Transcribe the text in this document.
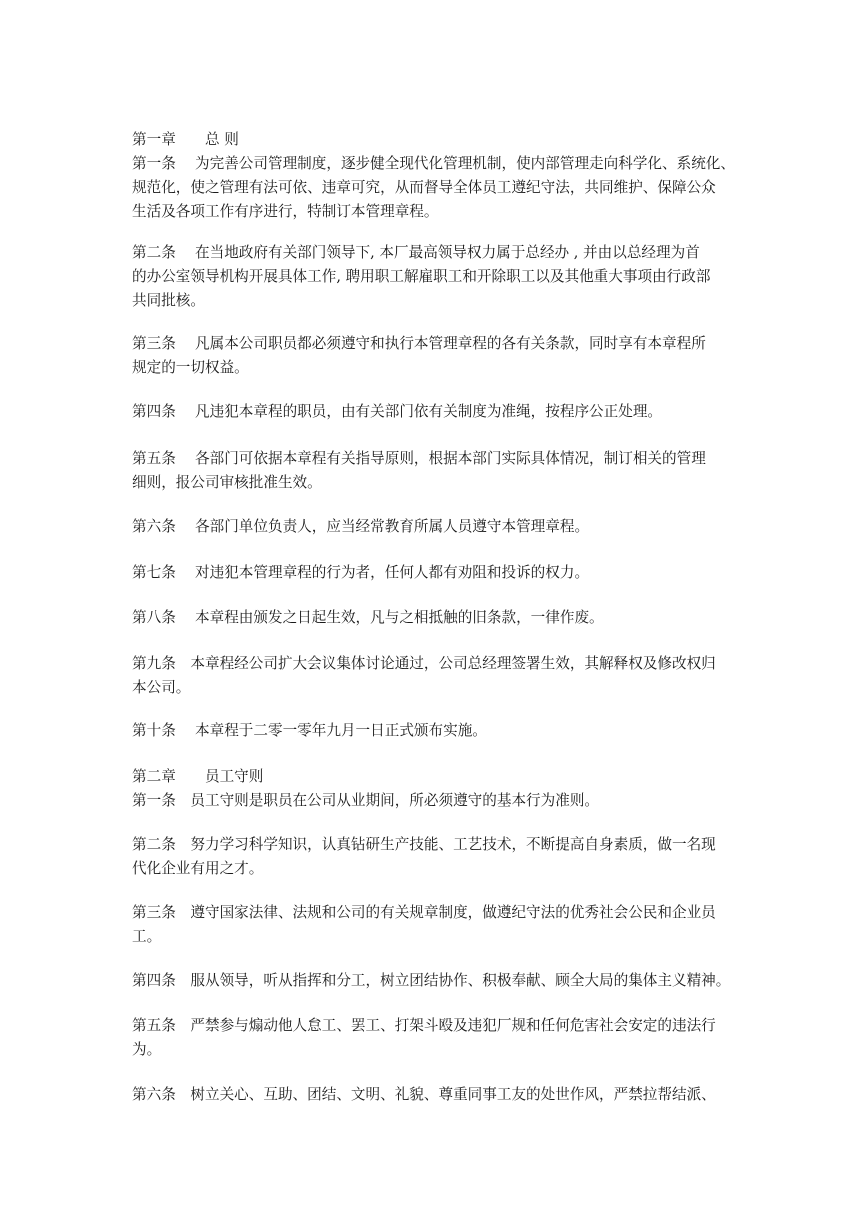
第一章　　总 则
第一条　 为完善公司管理制度，逐步健全现代化管理机制，使内部管理走向科学化、系统化、
规范化，使之管理有法可依、违章可究，从而督导全体员工遵纪守法，共同维护、保障公众
生活及各项工作有序进行，特制订本管理章程。
第二条　 在当地政府有关部门领导下, 本厂最高领导权力属于总经办 , 并由以总经理为首
的办公室领导机构开展具体工作, 聘用职工解雇职工和开除职工以及其他重大事项由行政部
共同批核。
第三条　 凡属本公司职员都必须遵守和执行本管理章程的各有关条款，同时享有本章程所
规定的一切权益。
第四条　 凡违犯本章程的职员，由有关部门依有关制度为准绳，按程序公正处理。
第五条　 各部门可依据本章程有关指导原则，根据本部门实际具体情况，制订相关的管理
细则，报公司审核批准生效。
第六条　 各部门单位负责人，应当经常教育所属人员遵守本管理章程。
第七条　 对违犯本管理章程的行为者，任何人都有劝阻和投诉的权力。
第八条　 本章程由颁发之日起生效，凡与之相抵触的旧条款，一律作废。
第九条　本章程经公司扩大会议集体讨论通过，公司总经理签署生效，其解释权及修改权归
本公司。
第十条　 本章程于二零一零年九月一日正式颁布实施。
第二章　　员工守则
第一条　员工守则是职员在公司从业期间，所必须遵守的基本行为准则。
第二条　努力学习科学知识，认真钻研生产技能、工艺技术，不断提高自身素质，做一名现
代化企业有用之才。
第三条　遵守国家法律、法规和公司的有关规章制度，做遵纪守法的优秀社会公民和企业员
工。
第四条　服从领导，听从指挥和分工，树立团结协作、积极奉献、顾全大局的集体主义精神。
第五条　严禁参与煽动他人怠工、罢工、打架斗殴及违犯厂规和任何危害社会安定的违法行
为。
第六条　树立关心、互助、团结、文明、礼貌、尊重同事工友的处世作风，严禁拉帮结派、
